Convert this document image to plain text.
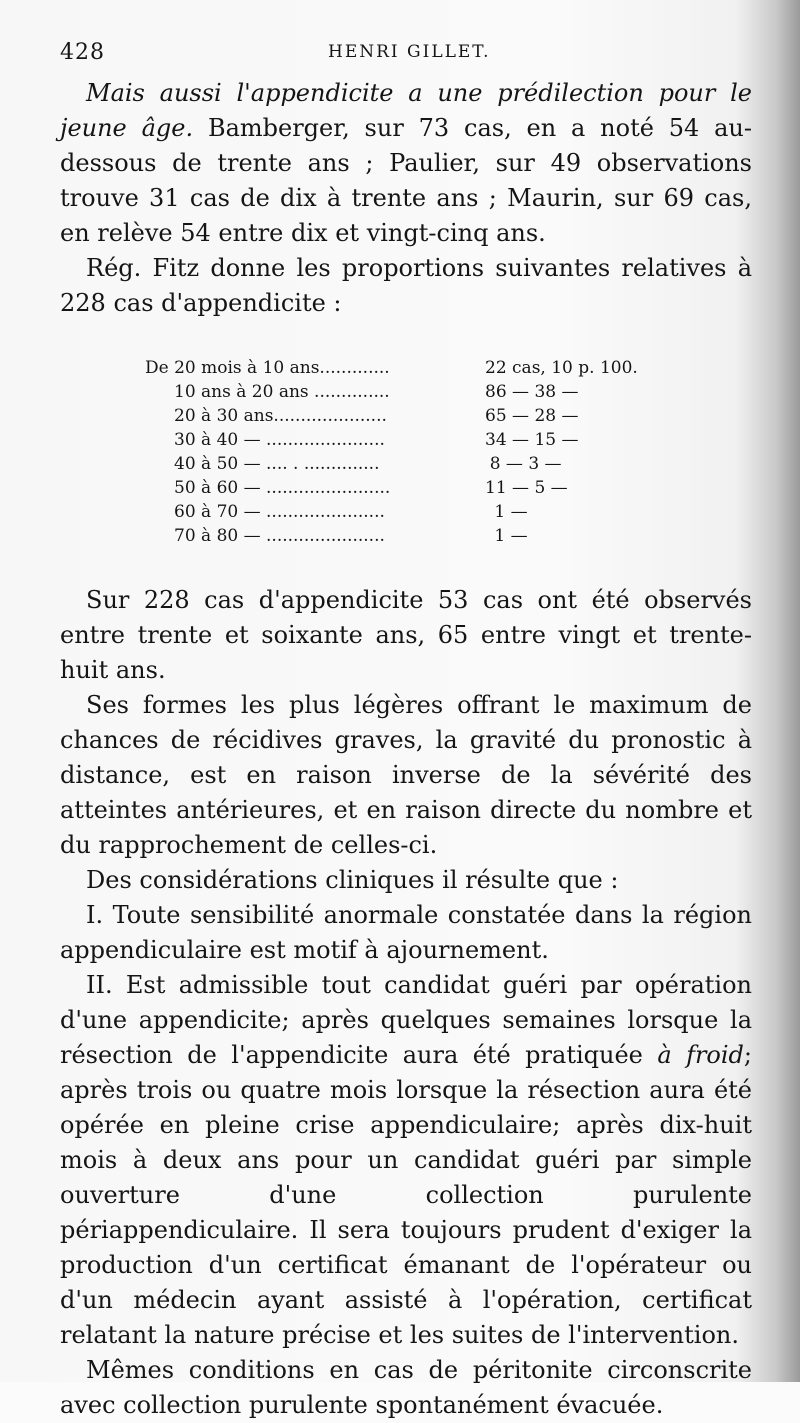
428	HENRI GILLET.

Mais aussi l'appendicite a une prédilection pour le jeune âge. Bamberger, sur 73 cas, en a noté 54 au-dessous de trente ans ; Paulier, sur 49 observations trouve 31 cas de dix à trente ans ; Maurin, sur 69 cas, en relève 54 entre dix et vingt-cinq ans.

Rég. Fitz donne les proportions suivantes relatives à 228 cas d'appendicite :

De 20 mois à 10 ans.............	22 cas, 10 p. 100.
10 ans à 20 ans ..............	86 — 38 —
20 à 30 ans.....................	65 — 28 —
30 à 40 — ......................	34 — 15 —
40 à 50 — .... . ..............	8 — 3 —
50 à 60 — .......................	11 — 5 —
60 à 70 — ......................	1 —
70 à 80 — ......................	1 —

Sur 228 cas d'appendicite 53 cas ont été observés entre trente et soixante ans, 65 entre vingt et trente-huit ans.

Ses formes les plus légères offrant le maximum de chances de récidives graves, la gravité du pronostic à distance, est en raison inverse de la sévérité des atteintes antérieures, et en raison directe du nombre et du rapprochement de celles-ci.

Des considérations cliniques il résulte que :

I. Toute sensibilité anormale constatée dans la région appendiculaire est motif à ajournement.

II. Est admissible tout candidat guéri par opération d'une appendicite; après quelques semaines lorsque la résection de l'appendicite aura été pratiquée à froid; après trois ou quatre mois lorsque la résection aura été opérée en pleine crise appendiculaire; après dix-huit mois à deux ans pour un candidat guéri par simple ouverture d'une collection purulente périappendiculaire. Il sera toujours prudent d'exiger la production d'un certificat émanant de l'opérateur ou d'un médecin ayant assisté à l'opération, certificat relatant la nature précise et les suites de l'intervention.

Mêmes conditions en cas de péritonite circonscrite avec collection purulente spontanément évacuée.
